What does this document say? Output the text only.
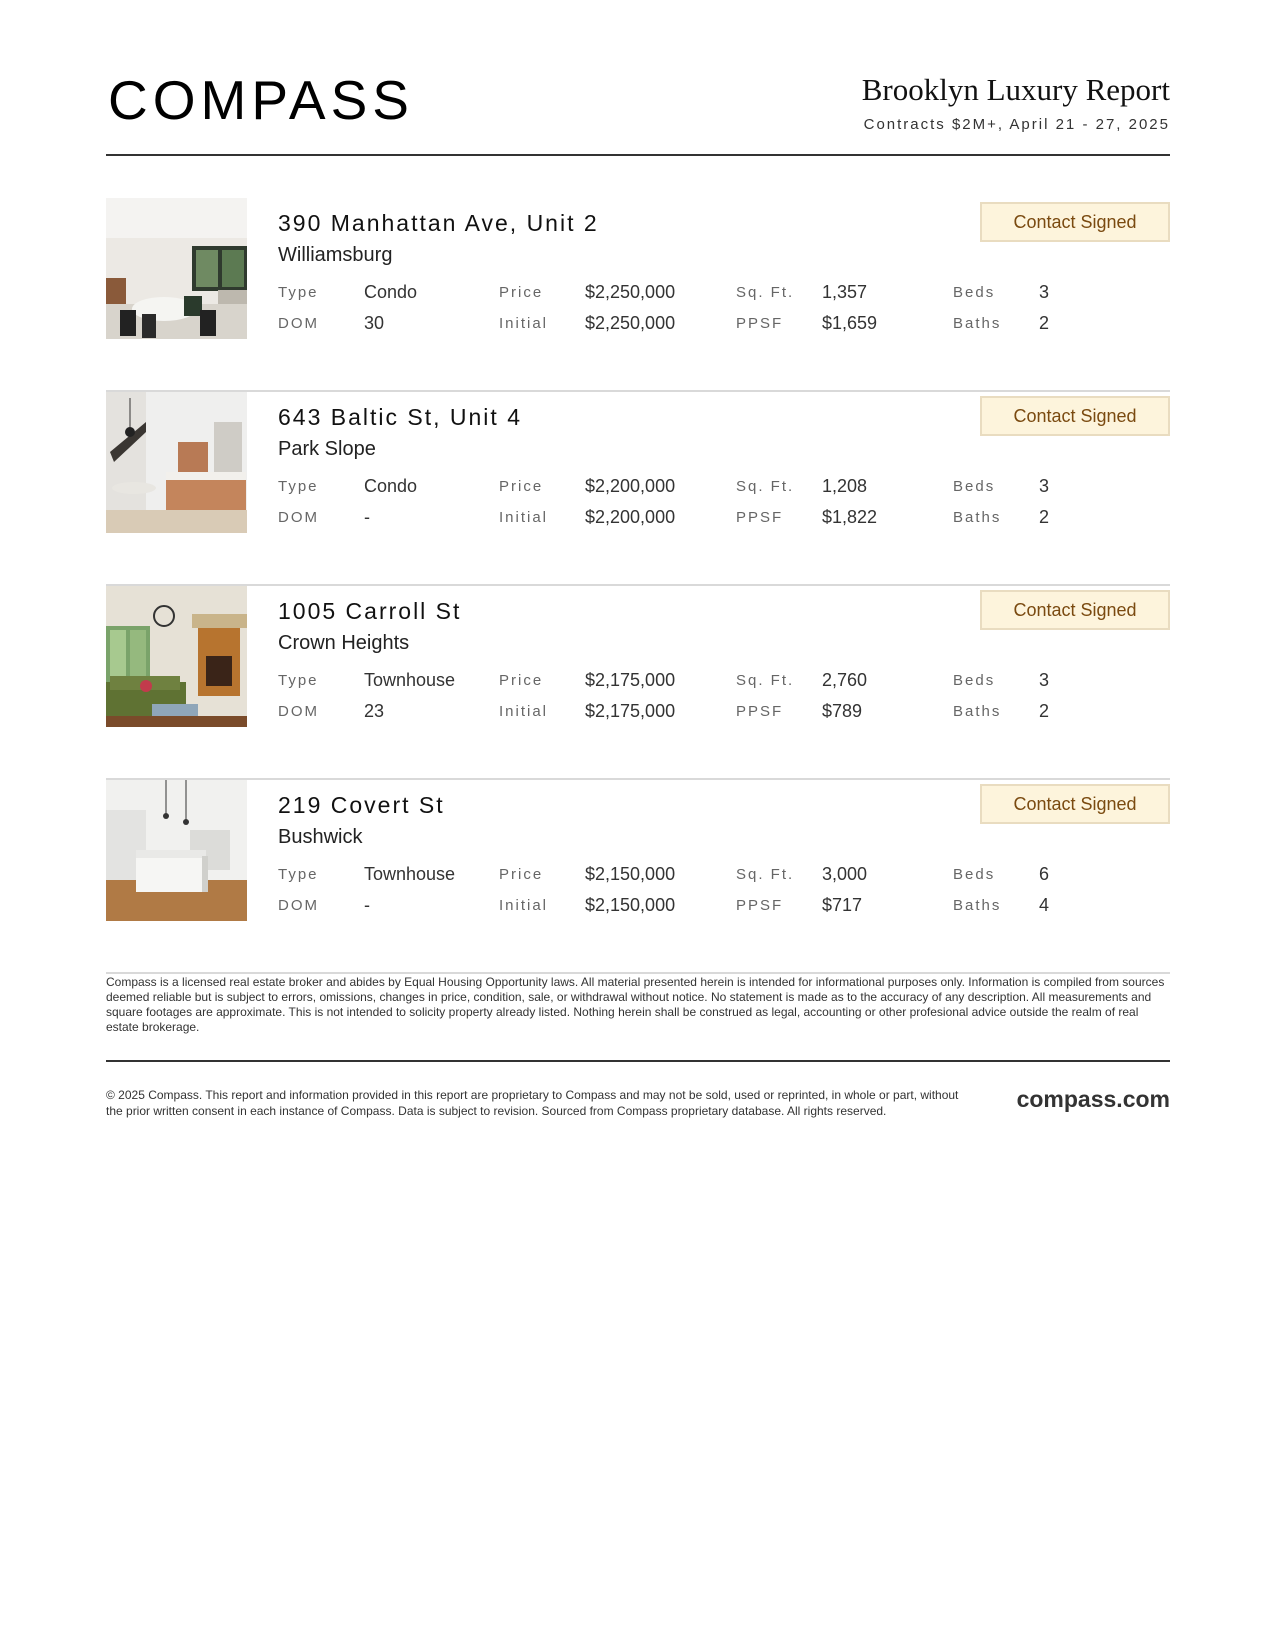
COMPASS	Brooklyn Luxury Report
Contracts $2M+, April 21 - 27, 2025
390 Manhattan Ave, Unit 2
Williamsburg
Contact Signed
Type	Condo	Price $2,250,000	Sq. Ft. 1,357	Beds 3
DOM	30	Initial $2,250,000	PPSF $1,659	Baths 2
643 Baltic St, Unit 4
Park Slope
Contact Signed
Type	Condo	Price $2,200,000	Sq. Ft. 1,208	Beds 3
DOM	-	Initial $2,200,000	PPSF $1,822	Baths 2
1005 Carroll St
Crown Heights
Contact Signed
Type	Townhouse	Price $2,175,000	Sq. Ft. 2,760	Beds 3
DOM	23	Initial $2,175,000	PPSF $789	Baths 2
219 Covert St
Bushwick
Contact Signed
Type	Townhouse	Price $2,150,000	Sq. Ft. 3,000	Beds 6
DOM	-	Initial $2,150,000	PPSF $717	Baths 4
Compass is a licensed real estate broker and abides by Equal Housing Opportunity laws. All material presented herein is intended for informational purposes only. Information is compiled from sources deemed reliable but is subject to errors, omissions, changes in price, condition, sale, or withdrawal without notice. No statement is made as to the accuracy of any description. All measurements and square footages are approximate. This is not intended to solicity property already listed. Nothing herein shall be construed as legal, accounting or other profesional advice outside the realm of real estate brokerage.
© 2025 Compass. This report and information provided in this report are proprietary to Compass and may not be sold, used or reprinted, in whole or part, without the prior written consent in each instance of Compass. Data is subject to revision. Sourced from Compass proprietary database. All rights reserved.	compass.com
